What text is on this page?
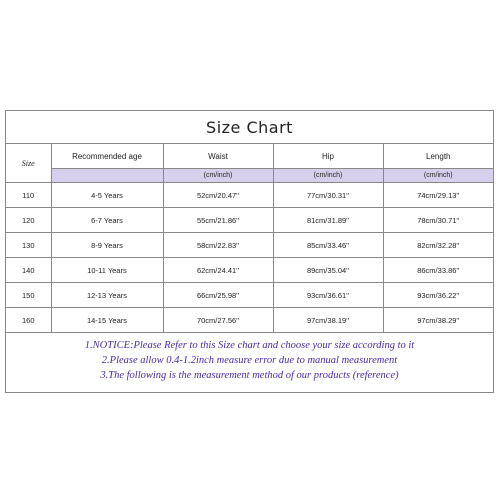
Size Chart
Size	Recommended age	Waist	Hip	Length
		(cm/inch)	(cm/inch)	(cm/inch)
110	4-5 Years	52cm/20.47''	77cm/30.31''	74cm/29.13''
120	6-7 Years	55cm/21.86''	81cm/31.89''	78cm/30.71''
130	8-9 Years	58cm/22.83''	85cm/33.46''	82cm/32.28''
140	10-11 Years	62cm/24.41''	89cm/35.04''	86cm/33.86''
150	12-13 Years	66cm/25.98''	93cm/36.61''	93cm/36.22''
160	14-15 Years	70cm/27.56''	97cm/38.19''	97cm/38.29''
1.NOTICE:Please Refer to this Size chart and choose your size according to it
2.Please allow 0.4-1.2inch measure error due to manual measurement
3.The following is the measurement method of our products (reference)
